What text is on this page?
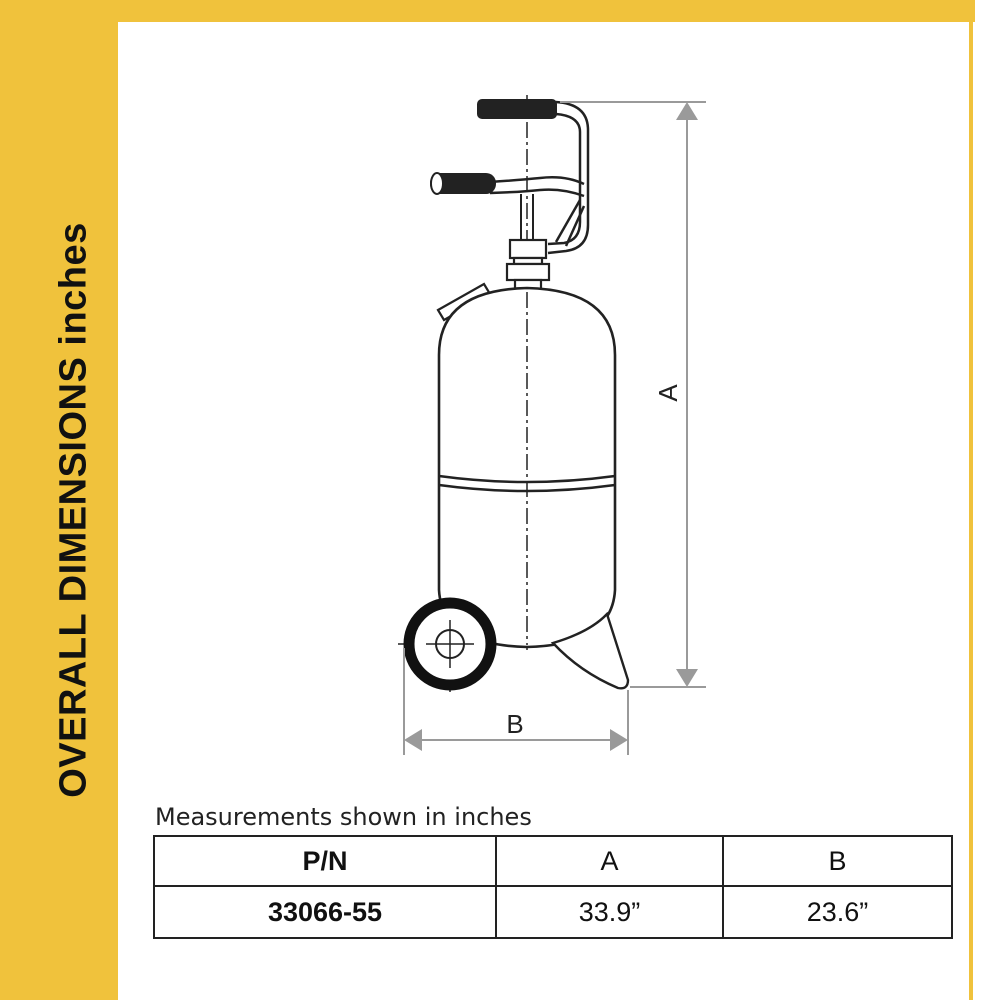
OVERALL DIMENSIONS inches
A
B
Measurements shown in inches
P/N	A	B
33066-55	33.9”	23.6”
